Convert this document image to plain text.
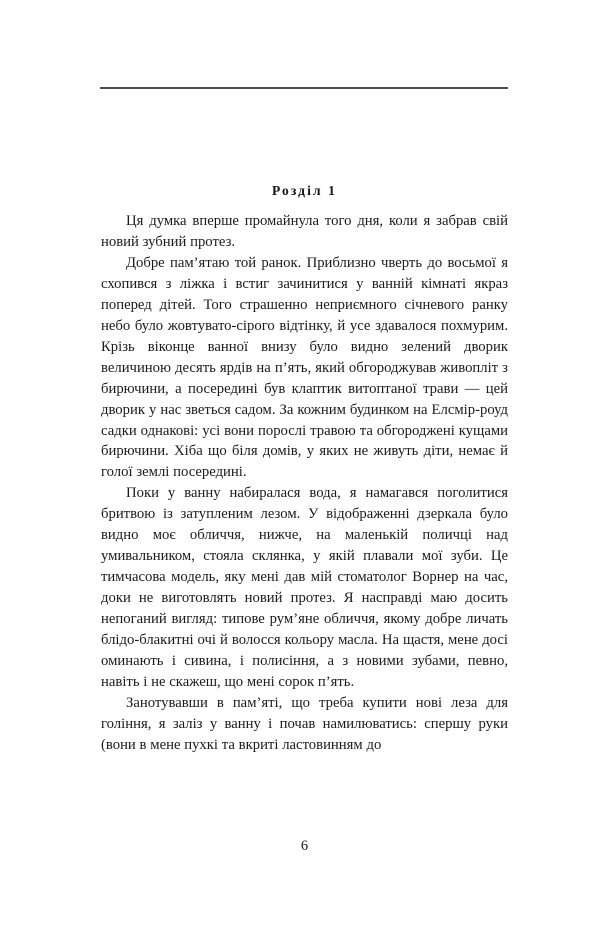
Розділ 1

Ця думка вперше промайнула того дня, коли я забрав свій новий зубний протез.

Добре пам’ятаю той ранок. Приблизно чверть до восьмої я схопився з ліжка і встиг зачинитися у ванній кімнаті якраз поперед дітей. Того страшенно неприємного січневого ранку небо було жовтувато-сірого відтінку, й усе здавалося похмурим. Крізь віконце ванної внизу було видно зелений дворик величиною десять ярдів на п’ять, який обгороджував живопліт з бирючини, а посередині був клаптик витоптаної трави — цей дворик у нас зветься садом. За кожним будинком на Елсмір-роуд садки однакові: усі вони порослі травою та обгороджені кущами бирючини. Хіба що біля домів, у яких не живуть діти, немає й голої землі посередині.

Поки у ванну набиралася вода, я намагався поголитися бритвою із затупленим лезом. У відображенні дзеркала було видно моє обличчя, нижче, на маленькій поличці над умивальником, стояла склянка, у якій плавали мої зуби. Це тимчасова модель, яку мені дав мій стоматолог Ворнер на час, доки не виготовлять новий протез. Я насправді маю досить непоганий вигляд: типове рум’яне обличчя, якому добре личать блідо-блакитні очі й волосся кольору масла. На щастя, мене досі оминають і сивина, і полисіння, а з новими зубами, певно, навіть і не скажеш, що мені сорок п’ять.

Занотувавши в пам’яті, що треба купити нові леза для гоління, я заліз у ванну і почав намилюватись: спершу руки (вони в мене пухкі та вкриті ластовинням до

6
